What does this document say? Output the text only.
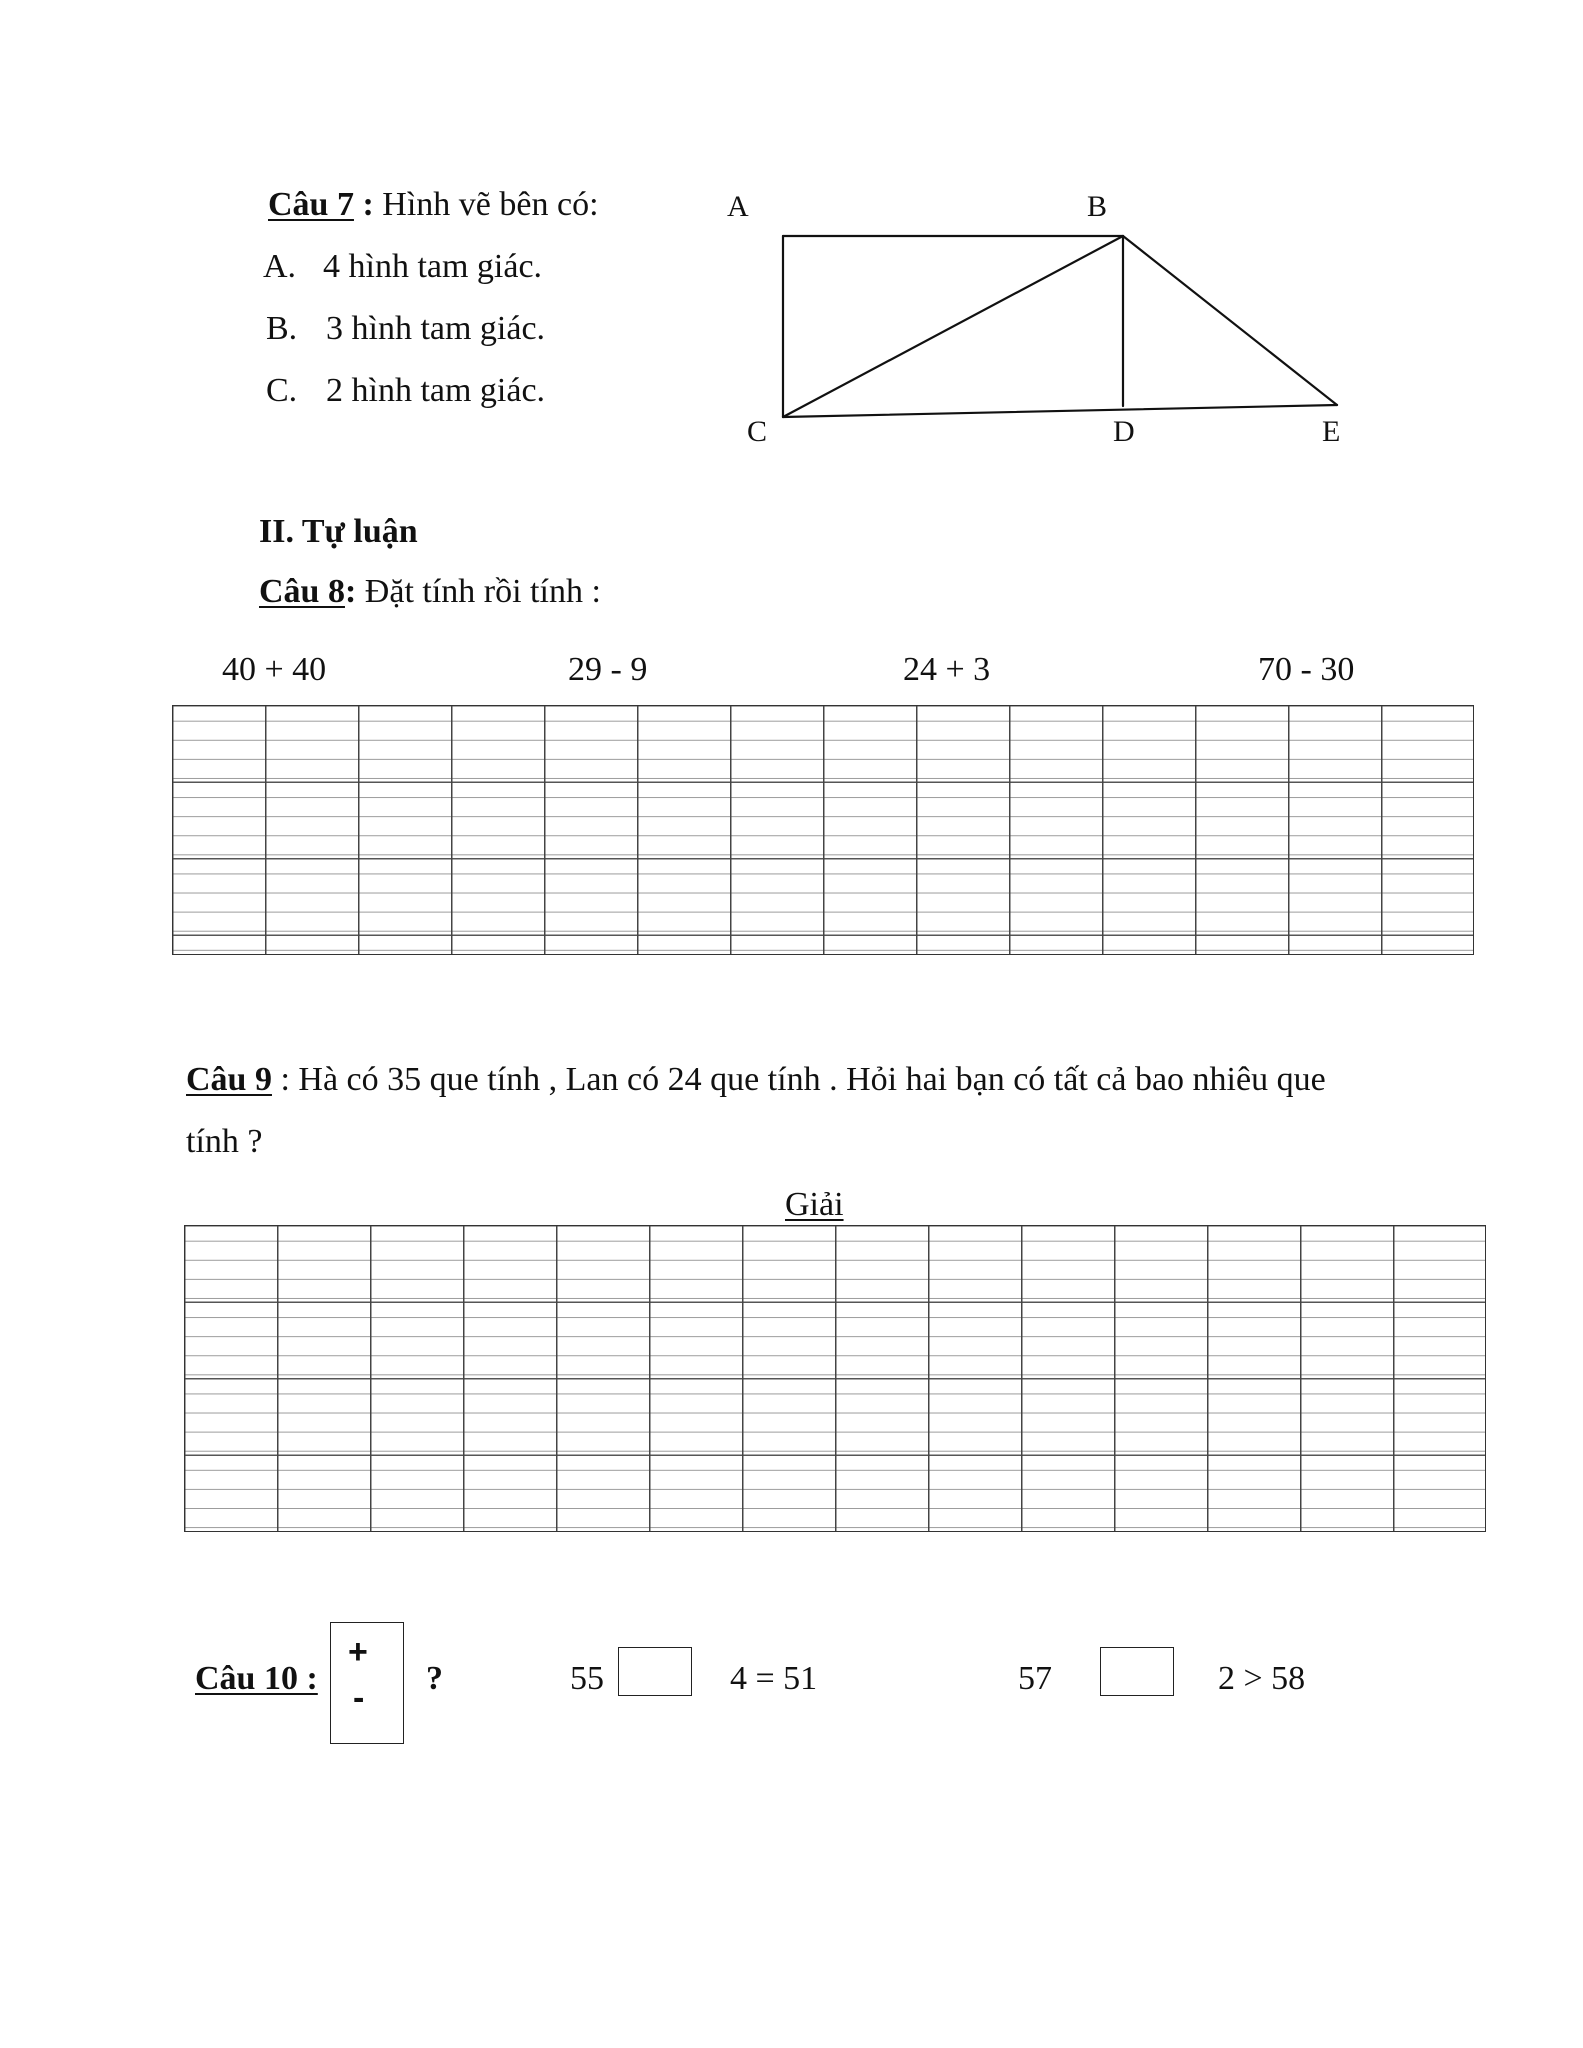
Câu 7 : Hình vẽ bên có:
A. 4 hình tam giác.
B. 3 hình tam giác.
C. 2 hình tam giác.
A	B
C	D	E
II. Tự luận
Câu 8: Đặt tính rồi tính :
40 + 40	29 - 9	24 + 3	70 - 30
Câu 9 : Hà có 35 que tính , Lan có 24 que tính . Hỏi hai bạn có tất cả bao nhiêu que
tính ?
Giải
Câu 10 :
+
-
?	55	4 = 51	57	2 > 58
